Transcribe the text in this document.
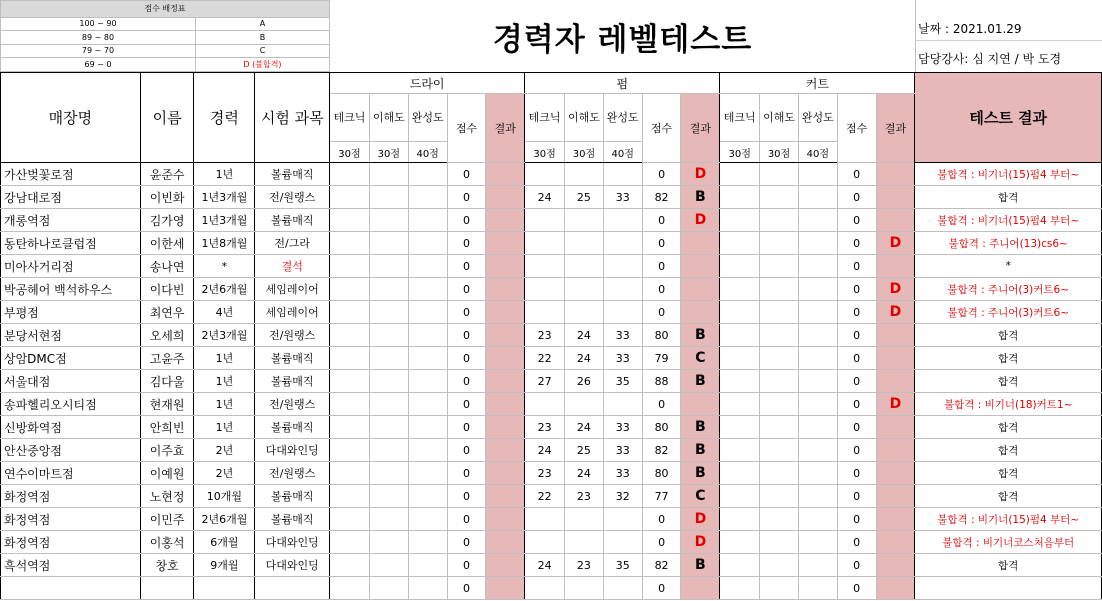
점수 배정표	
100 ~ 90	A
89 ~ 80	B
79 ~ 70	C
69 ~ 0	D (불합격)
경력자 레벨테스트	날짜 : 2021.01.29
담당강사: 심 지연 / 박 도경
매장명	이름	경력	시험 과목	드라이					펌					커트					테스트 결과
				테크닉	이해도	완성도	점수	결과	테크닉	이해도	완성도	점수	결과	테크닉	이해도	완성도	점수	결과	
				30점	30점	40점			30점	30점	40점			30점	30점	40점			
가산벚꽃로점	윤준수	1년	볼륨매직				0					0	D				0		불합격 : 비기너(15)펌4 부터~
강남대로점	이빈화	1년3개월	전/원랭스				0		24	25	33	82	B				0		합격
개롱역점	김가영	1년3개월	볼륨매직				0					0	D				0		불합격 : 비기너(15)펌4 부터~
동탄하나로클럽점	이한세	1년8개월	전/그라				0					0					0	D	불합격 : 주니어(13)cs6~
미아사거리점	송나연	*	결석				0					0					0		*
박공헤어 백석하우스	이다빈	2년6개월	세임레이어				0					0					0	D	불합격 : 주니어(3)커트6~
부평점	최연우	4년	세임레이어				0					0					0	D	불합격 : 주니어(3)커트6~
분당서현점	오세희	2년3개월	전/원랭스				0		23	24	33	80	B				0		합격
상암DMC점	고윤주	1년	볼륨매직				0		22	24	33	79	C				0		합격
서울대점	김다울	1년	볼륨매직				0		27	26	35	88	B				0		합격
송파헬리오시티점	현재원	1년	전/원랭스				0					0					0	D	불합격 : 비기너(18)커트1~
신방화역점	안희빈	1년	볼륨매직				0		23	24	33	80	B				0		합격
안산중앙점	이주효	2년	다대와인딩				0		24	25	33	82	B				0		합격
연수이마트점	이예원	2년	전/원랭스				0		23	24	33	80	B				0		합격
화정역점	노현정	10개월	볼륨매직				0		22	23	32	77	C				0		합격
화정역점	이민주	2년6개월	볼륨매직				0					0	D				0		불합격 : 비기너(15)펌4 부터~
화정역점	이홍석	6개월	다대와인딩				0					0	D				0		불합격 : 비기너코스처음부터
흑석역점	창호	9개월	다대와인딩				0		24	23	35	82	B				0		합격
							0					0					0		
